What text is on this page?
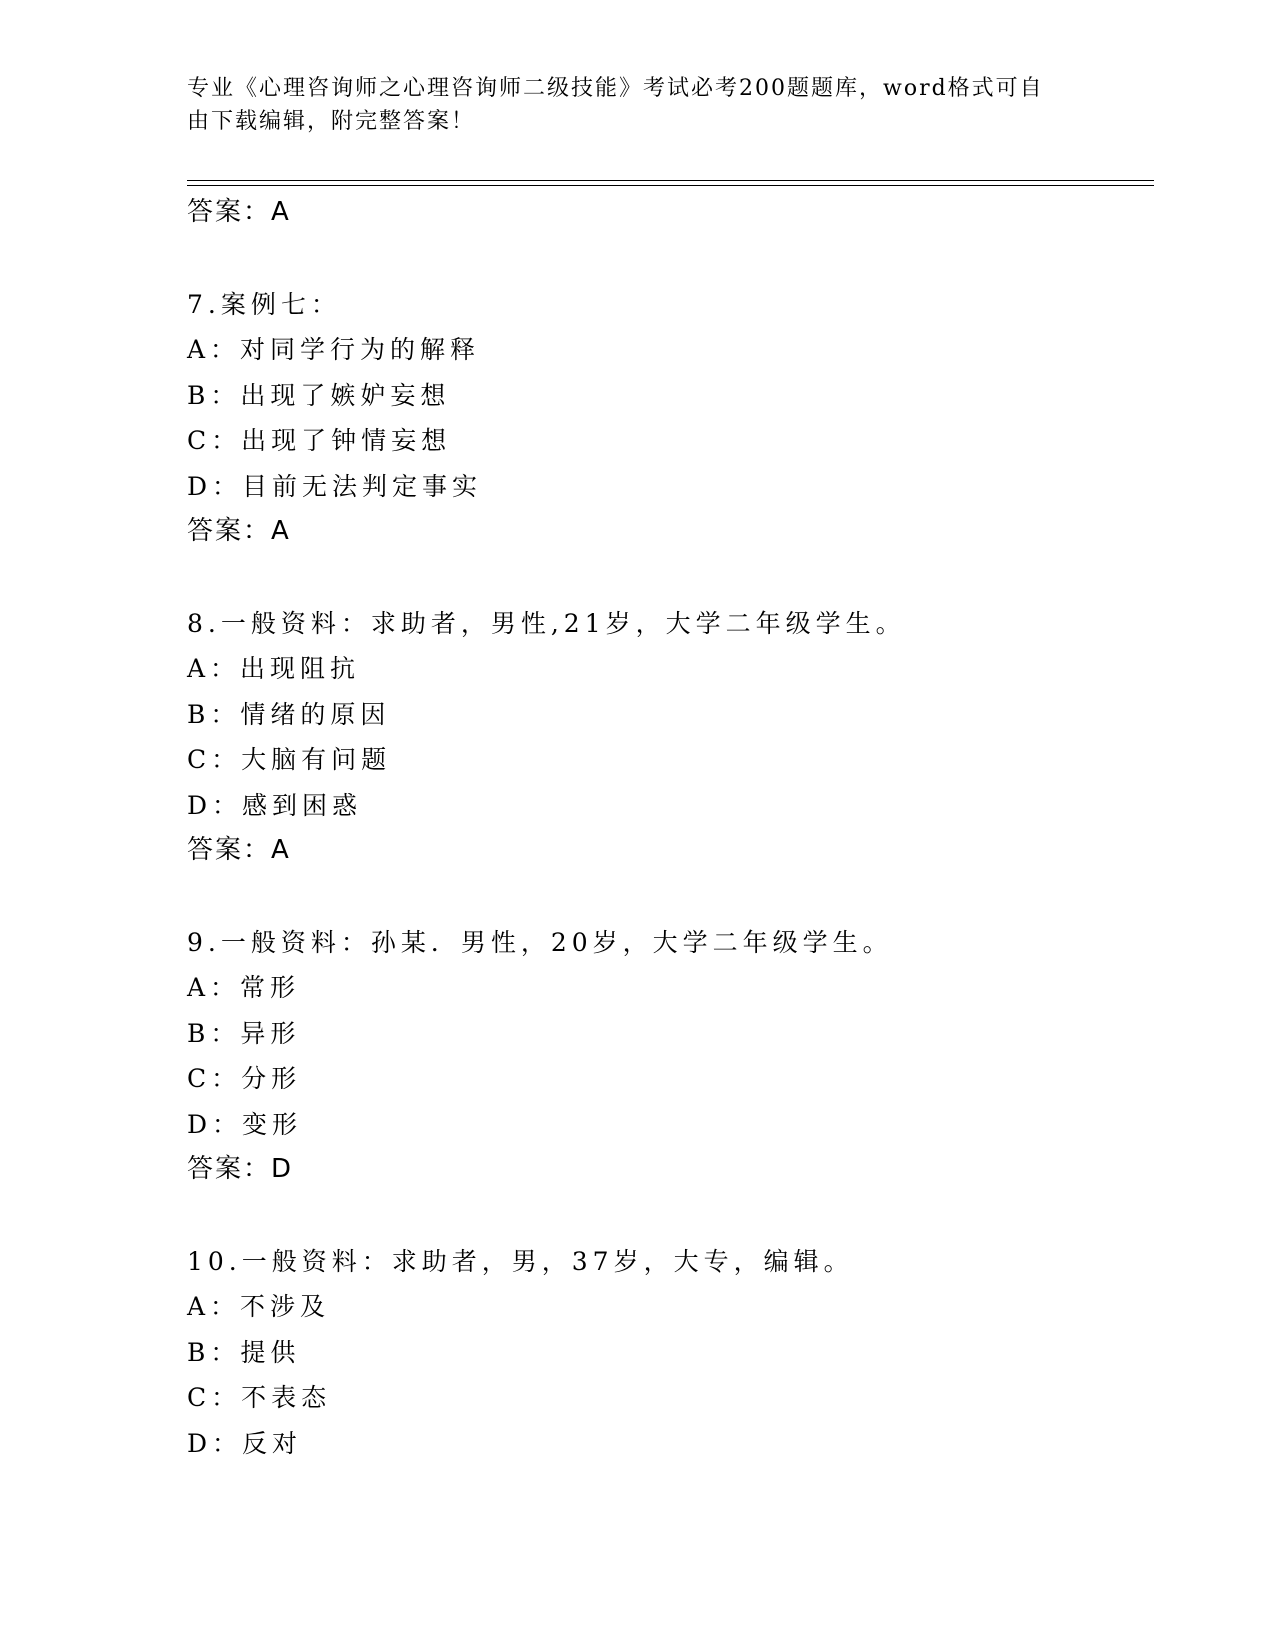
专业《心理咨询师之心理咨询师二级技能》考试必考200题题库，word格式可自
由下载编辑，附完整答案！
答案：A
7.案例七：
A：对同学行为的解释
B：出现了嫉妒妄想
C：出现了钟情妄想
D：目前无法判定事实
答案：A
8.一般资料：求助者，男性,21岁，大学二年级学生。
A：出现阻抗
B：情绪的原因
C：大脑有问题
D：感到困惑
答案：A
9.一般资料：孙某．男性，20岁，大学二年级学生。
A：常形
B：异形
C：分形
D：变形
答案：D
10.一般资料：求助者，男，37岁，大专，编辑。
A：不涉及
B：提供
C：不表态
D：反对
